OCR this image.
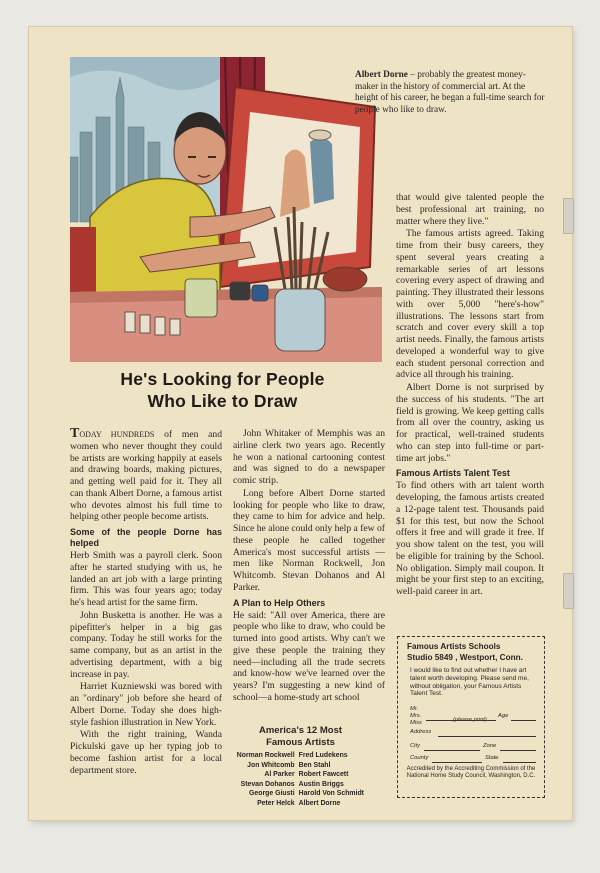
Albert Dorne – probably the greatest money-maker in the history of commercial art. At the height of his career, he began a full-time search for people who like to draw.
He's Looking for People
Who Like to Draw

TODAY HUNDREDS of men and women who never thought they could be artists are working happily at easels and drawing boards, making pictures, and getting well paid for it. They all can thank Albert Dorne, a famous artist who devotes almost his full time to helping other people become artists.

Some of the people Dorne has helped

Herb Smith was a payroll clerk. Soon after he started studying with us, he landed an art job with a large printing firm. This was four years ago; today he's head artist for the same firm.

John Busketta is another. He was a pipefitter's helper in a big gas company. Today he still works for the same company, but as an artist in the advertising department, with a big increase in pay.

Harriet Kuzniewski was bored with an "ordinary" job before she heard of Albert Dorne. Today she does high-style fashion illustration in New York.

With the right training, Wanda Pickulski gave up her typing job to become fashion artist for a local department store.

John Whitaker of Memphis was an airline clerk two years ago. Recently he won a national cartooning contest and was signed to do a newspaper comic strip.

Long before Albert Dorne started looking for people who like to draw, they came to him for advice and help. Since he alone could only help a few of these people he called together America's most successful artists —men like Norman Rockwell, Jon Whitcomb. Stevan Dohanos and Al Parker.

A Plan to Help Others

He said: "All over America, there are people who like to draw, who could be turned into good artists. Why can't we give these people the training they need—including all the trade secrets and know-how we've learned over the years? I'm suggesting a new kind of school—a home-study art school

America's 12 Most
Famous Artists
Norman Rockwell	Fred Ludekens
Jon Whitcomb	Ben Stahl
Al Parker	Robert Fawcett
Stevan Dohanos	Austin Briggs
George Giusti	Harold Von Schmidt
Peter Helck	Albert Dorne

that would give talented people the best professional art training, no matter where they live."

The famous artists agreed. Taking time from their busy careers, they spent several years creating a remarkable series of art lessons covering every aspect of drawing and painting. They illustrated their lessons with over 5,000 "here's-how" illustrations. The lessons start from scratch and cover every skill a top artist needs. Finally, the famous artists developed a wonderful way to give each student personal correction and advice all through his training.

Albert Dorne is not surprised by the success of his students. "The art field is growing. We keep getting calls from all over the country, asking us for practical, well-trained students who can step into full-time or part-time art jobs."

Famous Artists Talent Test

To find others with art talent worth developing, the famous artists created a 12-page talent test. Thousands paid $1 for this test, but now the School offers it free and will grade it free. If you show talent on the test, you will be eligible for training by the School. No obligation. Simply mail coupon. It might be your first step to an exciting, well-paid career in art.

Famous Artists Schools
Studio 5849 , Westport, Conn.
I would like to find out whether I have art talent worth developing. Please send me, without obligation, your Famous Artists Talent Test.
Mr.
Mrs.
Miss	(please print)
Age
Address
City	Zone
County	State
Accredited by the Accrediting Commission of the National Home Study Council, Washington, D.C.
